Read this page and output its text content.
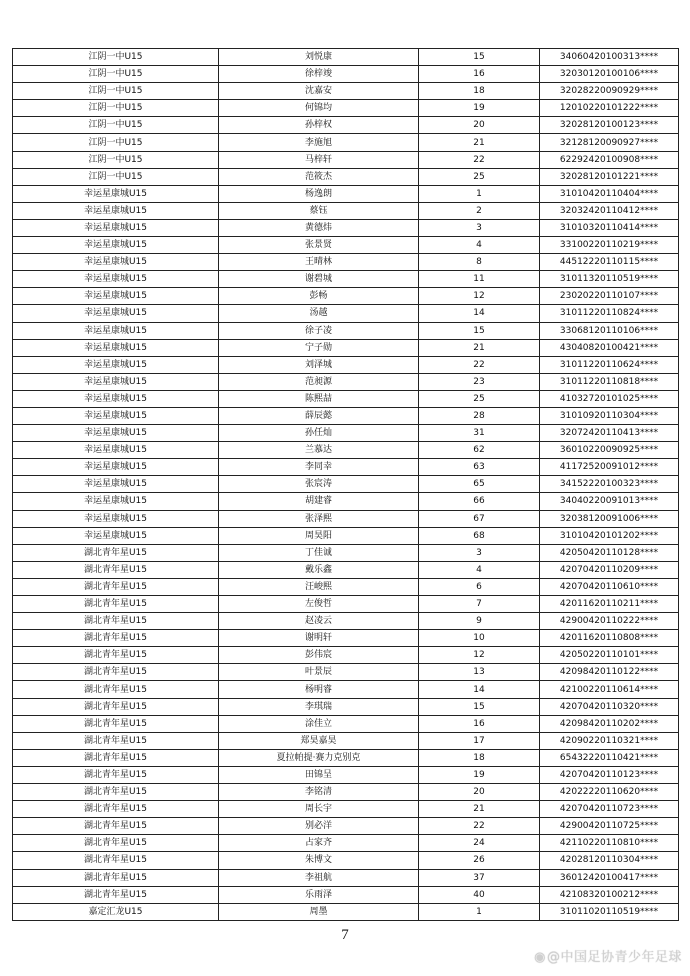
江阴一中U15	刘悦康	15	34060420100313****
江阴一中U15	徐梓竣	16	32030120100106****
江阴一中U15	沈嘉安	18	32028220090929****
江阴一中U15	何锦均	19	12010220101222****
江阴一中U15	孙梓权	20	32028120100123****
江阴一中U15	李施旭	21	32128120090927****
江阴一中U15	马梓轩	22	62292420100908****
江阴一中U15	范筱杰	25	32028120101221****
幸运星康城U15	杨逸朗	1	31010420110404****
幸运星康城U15	蔡钰	2	32032420110412****
幸运星康城U15	黄德炜	3	31010320110414****
幸运星康城U15	张景贤	4	33100220110219****
幸运星康城U15	王晴林	8	44512220110115****
幸运星康城U15	谢碧城	11	31011320110519****
幸运星康城U15	彭畅	12	23020220110107****
幸运星康城U15	汤越	14	31011220110824****
幸运星康城U15	徐子凌	15	33068120110106****
幸运星康城U15	宁子勋	21	43040820100421****
幸运星康城U15	刘泽城	22	31011220110624****
幸运星康城U15	范昶源	23	31011220110818****
幸运星康城U15	陈熙喆	25	41032720101025****
幸运星康城U15	薛辰懿	28	31010920110304****
幸运星康城U15	孙任灿	31	32072420110413****
幸运星康城U15	兰慕达	62	36010220090925****
幸运星康城U15	李同幸	63	41172520091012****
幸运星康城U15	张宸涛	65	34152220100323****
幸运星康城U15	胡建睿	66	34040220091013****
幸运星康城U15	张泽熙	67	32038120091006****
幸运星康城U15	周昊阳	68	31010420101202****
湖北青年星U15	丁佳诚	3	42050420110128****
湖北青年星U15	戴乐鑫	4	42070420110209****
湖北青年星U15	汪峻熙	6	42070420110610****
湖北青年星U15	左俊哲	7	42011620110211****
湖北青年星U15	赵凌云	9	42900420110222****
湖北青年星U15	谢明轩	10	42011620110808****
湖北青年星U15	彭伟宸	12	42050220110101****
湖北青年星U15	叶景辰	13	42098420110122****
湖北青年星U15	杨明睿	14	42100220110614****
湖北青年星U15	李琪瑞	15	42070420110320****
湖北青年星U15	涂佳立	16	42098420110202****
湖北青年星U15	郑昊嘉昊	17	42090220110321****
湖北青年星U15	夏拉帕提·赛力克别克	18	65432220110421****
湖北青年星U15	田锦呈	19	42070420110123****
湖北青年星U15	李铭清	20	42022220110620****
湖北青年星U15	周长宇	21	42070420110723****
湖北青年星U15	别必洋	22	42900420110725****
湖北青年星U15	占家齐	24	42110220110810****
湖北青年星U15	朱博文	26	42028120110304****
湖北青年星U15	李祖航	37	36012420100417****
湖北青年星U15	乐雨泽	40	42108320100212****
嘉定汇龙U15	周墨	1	31011020110519****
7
◉@中国足协青少年足球
